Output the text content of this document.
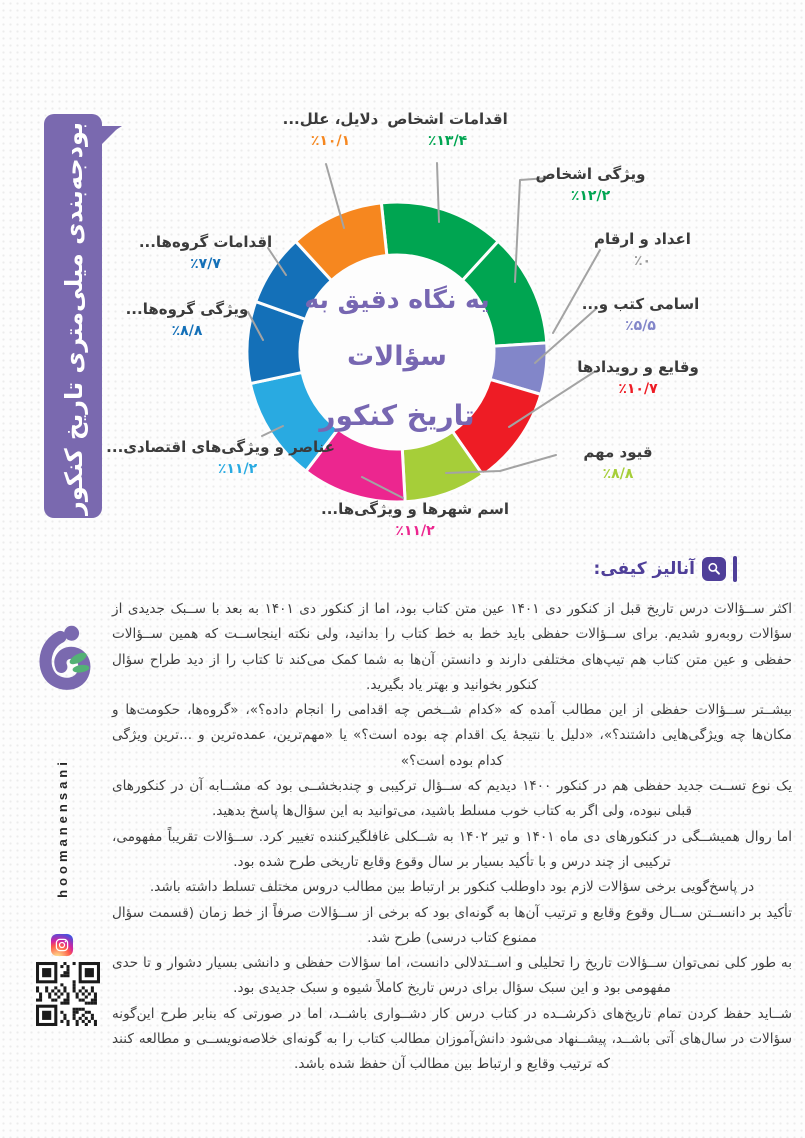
بودجه‌بندی میلی‌متری تاریخ کنکور	یه نگاه دقیق به
سؤالات
تاریخ کنکور
اقدامات اشخاص
٪۱۳/۴
ویژگی اشخاص
٪۱۲/۲
اعداد و ارقام
٪۰
اسامی کتب و...
٪۵/۵
وقایع و رویدادها
٪۱۰/۷
قیود مهم
٪۸/۸
اسم شهرها و ویژگی‌ها...
٪۱۱/۲
عناصر و ویژگی‌های اقتصادی...
٪۱۱/۲
ویژگی گروه‌ها...
٪۸/۸
اقدامات گروه‌ها...
٪۷/۷
دلایل، علل...
٪۱۰/۱
آنالیز کیفی:

اکثر ســؤالات درس تاریخ قبل از کنکور دی ۱۴۰۱ عین متن کتاب بود، اما از کنکور دی ۱۴۰۱ به بعد با ســبک جدیدی از سؤالات روبه‌رو شدیم. برای ســؤالات حفظی باید خط به خط کتاب را بدانید، ولی نکته اینجاســت که همین ســؤالات حفظی و عین متن کتاب هم تیپ‌های مختلفی دارند و دانستن آن‌ها به شما کمک می‌کند تا کتاب را از دید طراح سؤال کنکور بخوانید و بهتر یاد بگیرید.

بیشــتر ســؤالات حفظی از این مطالب آمده که «کدام شــخص چه اقدامی را انجام داده؟»، «گروه‌ها، حکومت‌ها و مکان‌ها چه ویژگی‌هایی داشتند؟»، «دلیل یا نتیجهٔ یک اقدام چه بوده است؟» یا «مهم‌ترین، عمده‌ترین و ...ترین ویژگی کدام بوده است؟»

یک نوع تســت جدید حفظی هم در کنکور ۱۴۰۰ دیدیم که ســؤال ترکیبی و چندبخشــی بود که مشــابه آن در کنکورهای قبلی نبوده، ولی اگر به کتاب خوب مسلط باشید، می‌توانید به این سؤال‌ها پاسخ بدهید.

اما روال همیشــگی در کنکورهای دی ماه ۱۴۰۱ و تیر ۱۴۰۲ به شــکلی غافلگیرکننده تغییر کرد. ســؤالات تقریباً مفهومی، ترکیبی از چند درس و با تأکید بسیار بر سال وقوع وقایع تاریخی طرح شده بود.

در پاسخ‌گویی برخی سؤالات لازم بود داوطلب کنکور بر ارتباط بین مطالب دروس مختلف تسلط داشته باشد.

تأکید بر دانســتن ســال وقوع وقایع و ترتیب آن‌ها به گونه‌ای بود که برخی از ســؤالات صرفاً از خط زمان (قسمت سؤال ممنوع کتاب درسی) طرح شد.

به طور کلی نمی‌توان ســؤالات تاریخ را تحلیلی و اســتدلالی دانست، اما سؤالات حفظی و دانشی بسیار دشوار و تا حدی مفهومی بود و این سبک سؤال برای درس تاریخ کاملاً شیوه و سبک جدیدی بود.

شــاید حفظ کردن تمام تاریخ‌های ذکرشــده در کتاب درس کار دشــواری باشــد، اما در صورتی که بنابر طرح این‌گونه سؤالات در سال‌های آتی باشــد، پیشــنهاد می‌شود دانش‌آموزان مطالب کتاب را به گونه‌ای خلاصه‌نویســی و مطالعه کنند که ترتیب وقایع و ارتباط بین مطالب آن حفظ شده باشد.

hoomanensani
